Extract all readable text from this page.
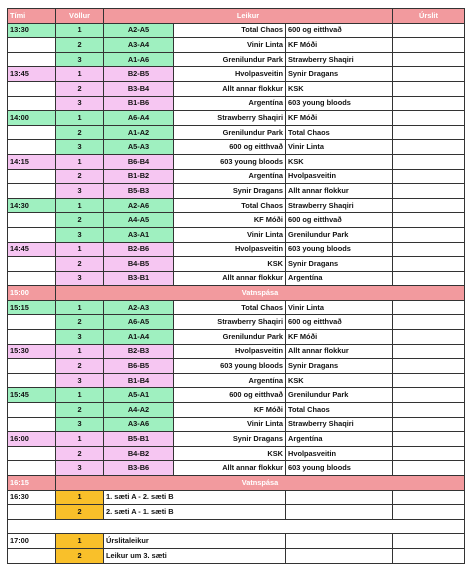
Tími	Völlur	Leikur			Úrslit
13:30	1	A2-A5	Total Chaos	600 og eitthvað	
	2	A3-A4	Vinir Linta	KF Móði	
	3	A1-A6	Grenilundur Park	Strawberry Shaqiri	
13:45	1	B2-B5	Hvolpasveitin	Synir Dragans	
	2	B3-B4	Allt annar flokkur	KSK	
	3	B1-B6	Argentína	603 young bloods	
14:00	1	A6-A4	Strawberry Shaqiri	KF Móði	
	2	A1-A2	Grenilundur Park	Total Chaos	
	3	A5-A3	600 og eitthvað	Vinir Linta	
14:15	1	B6-B4	603 young bloods	KSK	
	2	B1-B2	Argentína	Hvolpasveitin	
	3	B5-B3	Synir Dragans	Allt annar flokkur	
14:30	1	A2-A6	Total Chaos	Strawberry Shaqiri	
	2	A4-A5	KF Móði	600 og eitthvað	
	3	A3-A1	Vinir Linta	Grenilundur Park	
14:45	1	B2-B6	Hvolpasveitin	603 young bloods	
	2	B4-B5	KSK	Synir Dragans	
	3	B3-B1	Allt annar flokkur	Argentína	
15:00	Vatnspása				
15:15	1	A2-A3	Total Chaos	Vinir Linta	
	2	A6-A5	Strawberry Shaqiri	600 og eitthvað	
	3	A1-A4	Grenilundur Park	KF Móði	
15:30	1	B2-B3	Hvolpasveitin	Allt annar flokkur	
	2	B6-B5	603 young bloods	Synir Dragans	
	3	B1-B4	Argentína	KSK	
15:45	1	A5-A1	600 og eitthvað	Grenilundur Park	
	2	A4-A2	KF Móði	Total Chaos	
	3	A3-A6	Vinir Linta	Strawberry Shaqiri	
16:00	1	B5-B1	Synir Dragans	Argentína	
	2	B4-B2	KSK	Hvolpasveitin	
	3	B3-B6	Allt annar flokkur	603 young bloods	
16:15	Vatnspása				
16:30	1	1. sæti A - 2. sæti B			
	2	2. sæti A - 1. sæti B			

17:00	1	Úrslitaleikur			
	2	Leikur um 3. sæti			
